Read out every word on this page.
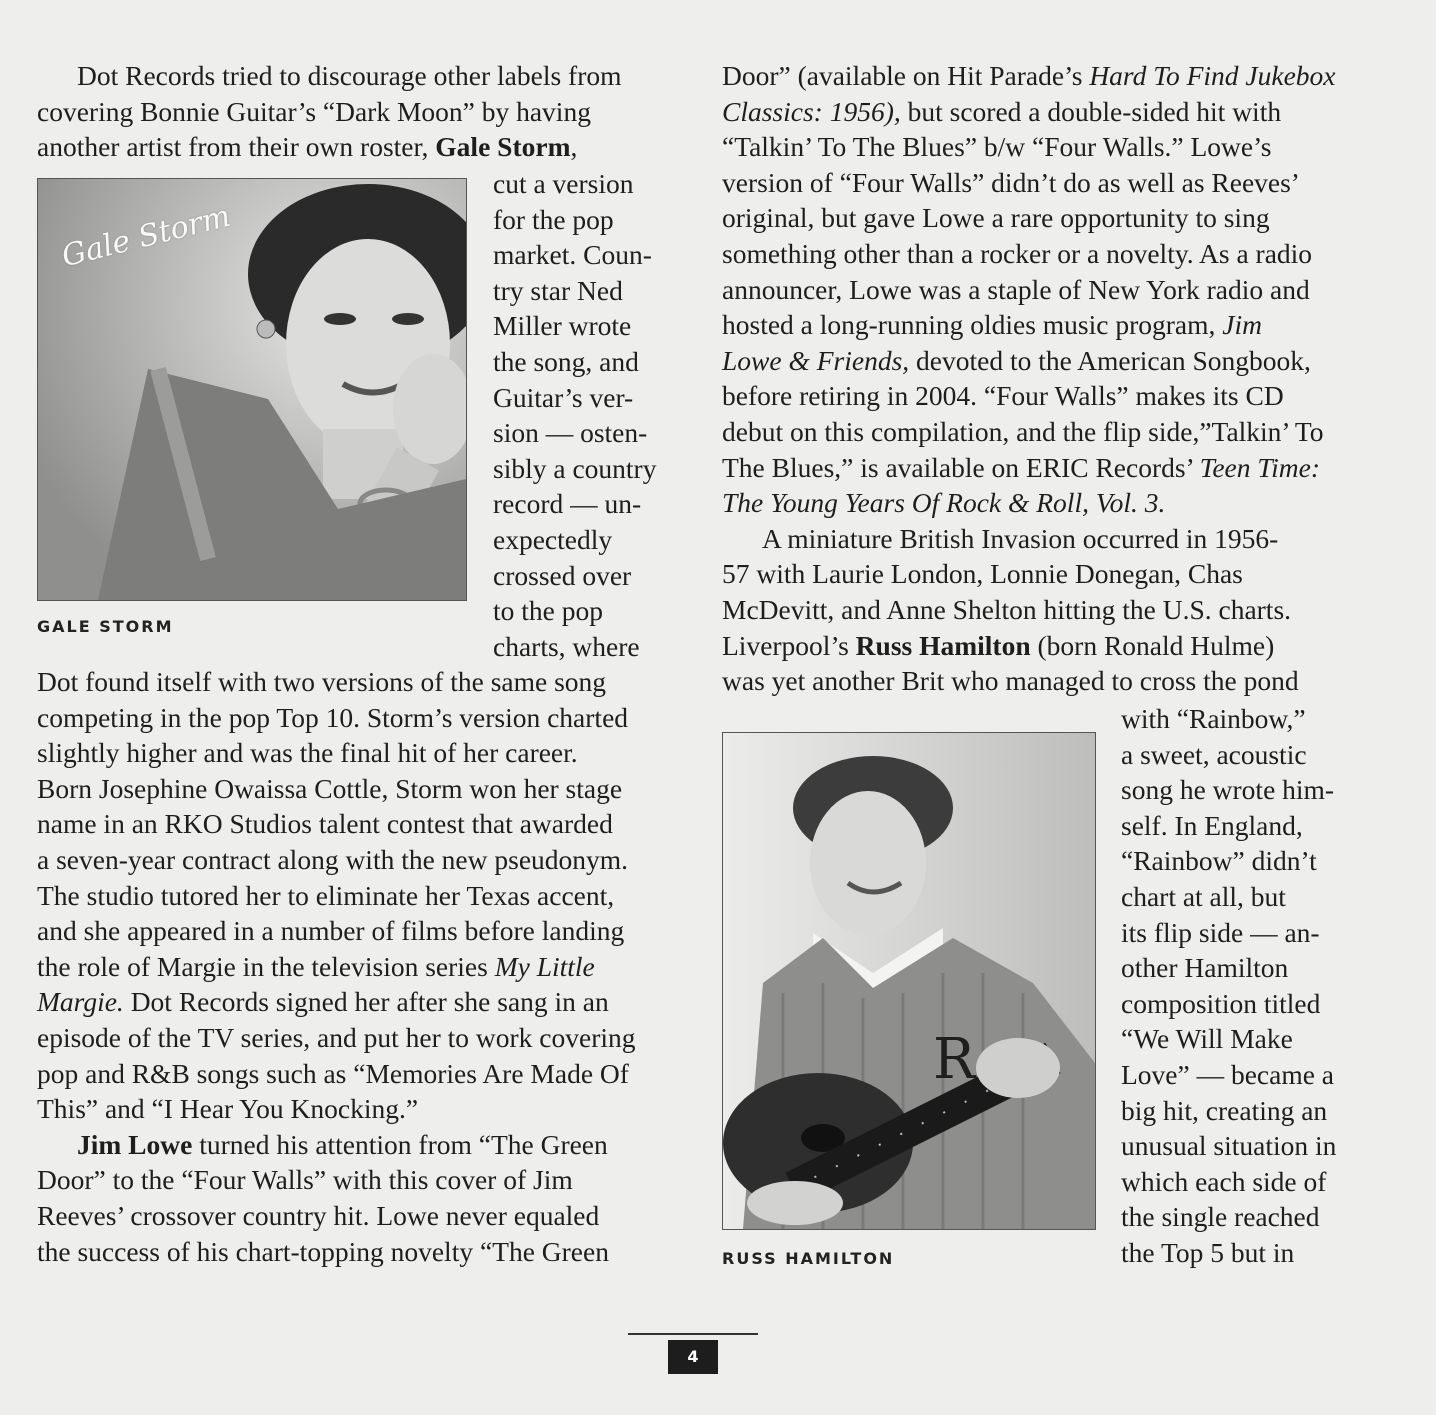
Dot Records tried to discourage other labels from
covering Bonnie Guitar’s “Dark Moon” by having
another artist from their own roster, Gale Storm,
Gale Storm
GALE STORM
cut a version
for the pop
market. Coun-
try star Ned
Miller wrote
the song, and
Guitar’s ver-
sion — osten-
sibly a country
record — un-
expectedly
crossed over
to the pop
charts, where
Dot found itself with two versions of the same song
competing in the pop Top 10. Storm’s version charted
slightly higher and was the final hit of her career.
Born Josephine Owaissa Cottle, Storm won her stage
name in an RKO Studios talent contest that awarded
a seven-year contract along with the new pseudonym.
The studio tutored her to eliminate her Texas accent,
and she appeared in a number of films before landing
the role of Margie in the television series My Little
Margie. Dot Records signed her after she sang in an
episode of the TV series, and put her to work covering
pop and R&B songs such as “Memories Are Made Of
This” and “I Hear You Knocking.”
Jim Lowe turned his attention from “The Green
Door” to the “Four Walls” with this cover of Jim
Reeves’ crossover country hit. Lowe never equaled
the success of his chart-topping novelty “The Green
Door” (available on Hit Parade’s Hard To Find Jukebox
Classics: 1956), but scored a double-sided hit with
“Talkin’ To The Blues” b/w “Four Walls.” Lowe’s
version of “Four Walls” didn’t do as well as Reeves’
original, but gave Lowe a rare opportunity to sing
something other than a rocker or a novelty. As a radio
announcer, Lowe was a staple of New York radio and
hosted a long-running oldies music program, Jim
Lowe & Friends, devoted to the American Songbook,
before retiring in 2004. “Four Walls” makes its CD
debut on this compilation, and the flip side,”Talkin’ To
The Blues,” is available on ERIC Records’ Teen Time:
The Young Years Of Rock & Roll, Vol. 3.
A miniature British Invasion occurred in 1956-
57 with Laurie London, Lonnie Donegan, Chas
McDevitt, and Anne Shelton hitting the U.S. charts.
Liverpool’s Russ Hamilton (born Ronald Hulme)
was yet another Brit who managed to cross the pond
R
RUSS HAMILTON
with “Rainbow,”
a sweet, acoustic
song he wrote him-
self. In England,
“Rainbow” didn’t
chart at all, but
its flip side — an-
other Hamilton
composition titled
“We Will Make
Love” — became a
big hit, creating an
unusual situation in
which each side of
the single reached
the Top 5 but in
4
